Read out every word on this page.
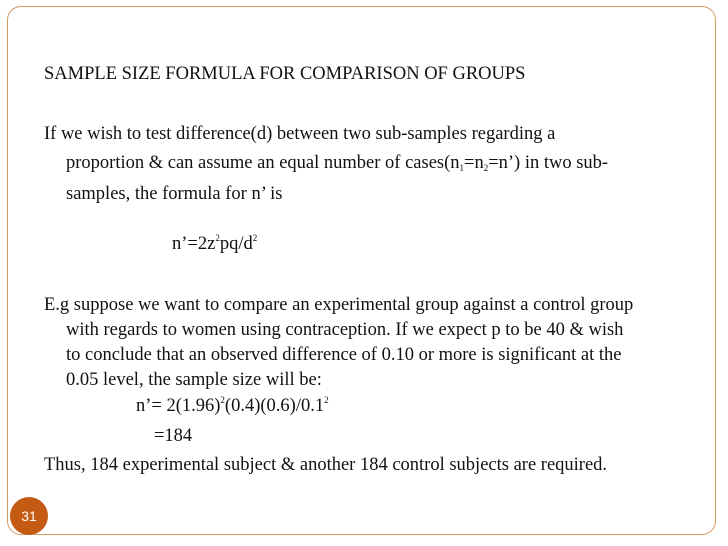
SAMPLE SIZE FORMULA FOR COMPARISON OF GROUPS
If we wish to test difference(d) between two sub-samples regarding a
proportion & can assume an equal number of $cases(n_1=n_2=n’)$ in two sub-
samples, the formula for n’ is
$n’=2z^2pq/d^2$
E.g suppose we want to compare an experimental group against a control group
with regards to women using contraception. If we expect p to be 40 & wish
to conclude that an observed difference of 0.10 or more is significant at the
0.05 level, the sample size will be:
n’= $2(1.96)^2(0.4)(0.6)/0.1^2$
=184
Thus, 184 experimental subject & another 184 control subjects are required.
31
